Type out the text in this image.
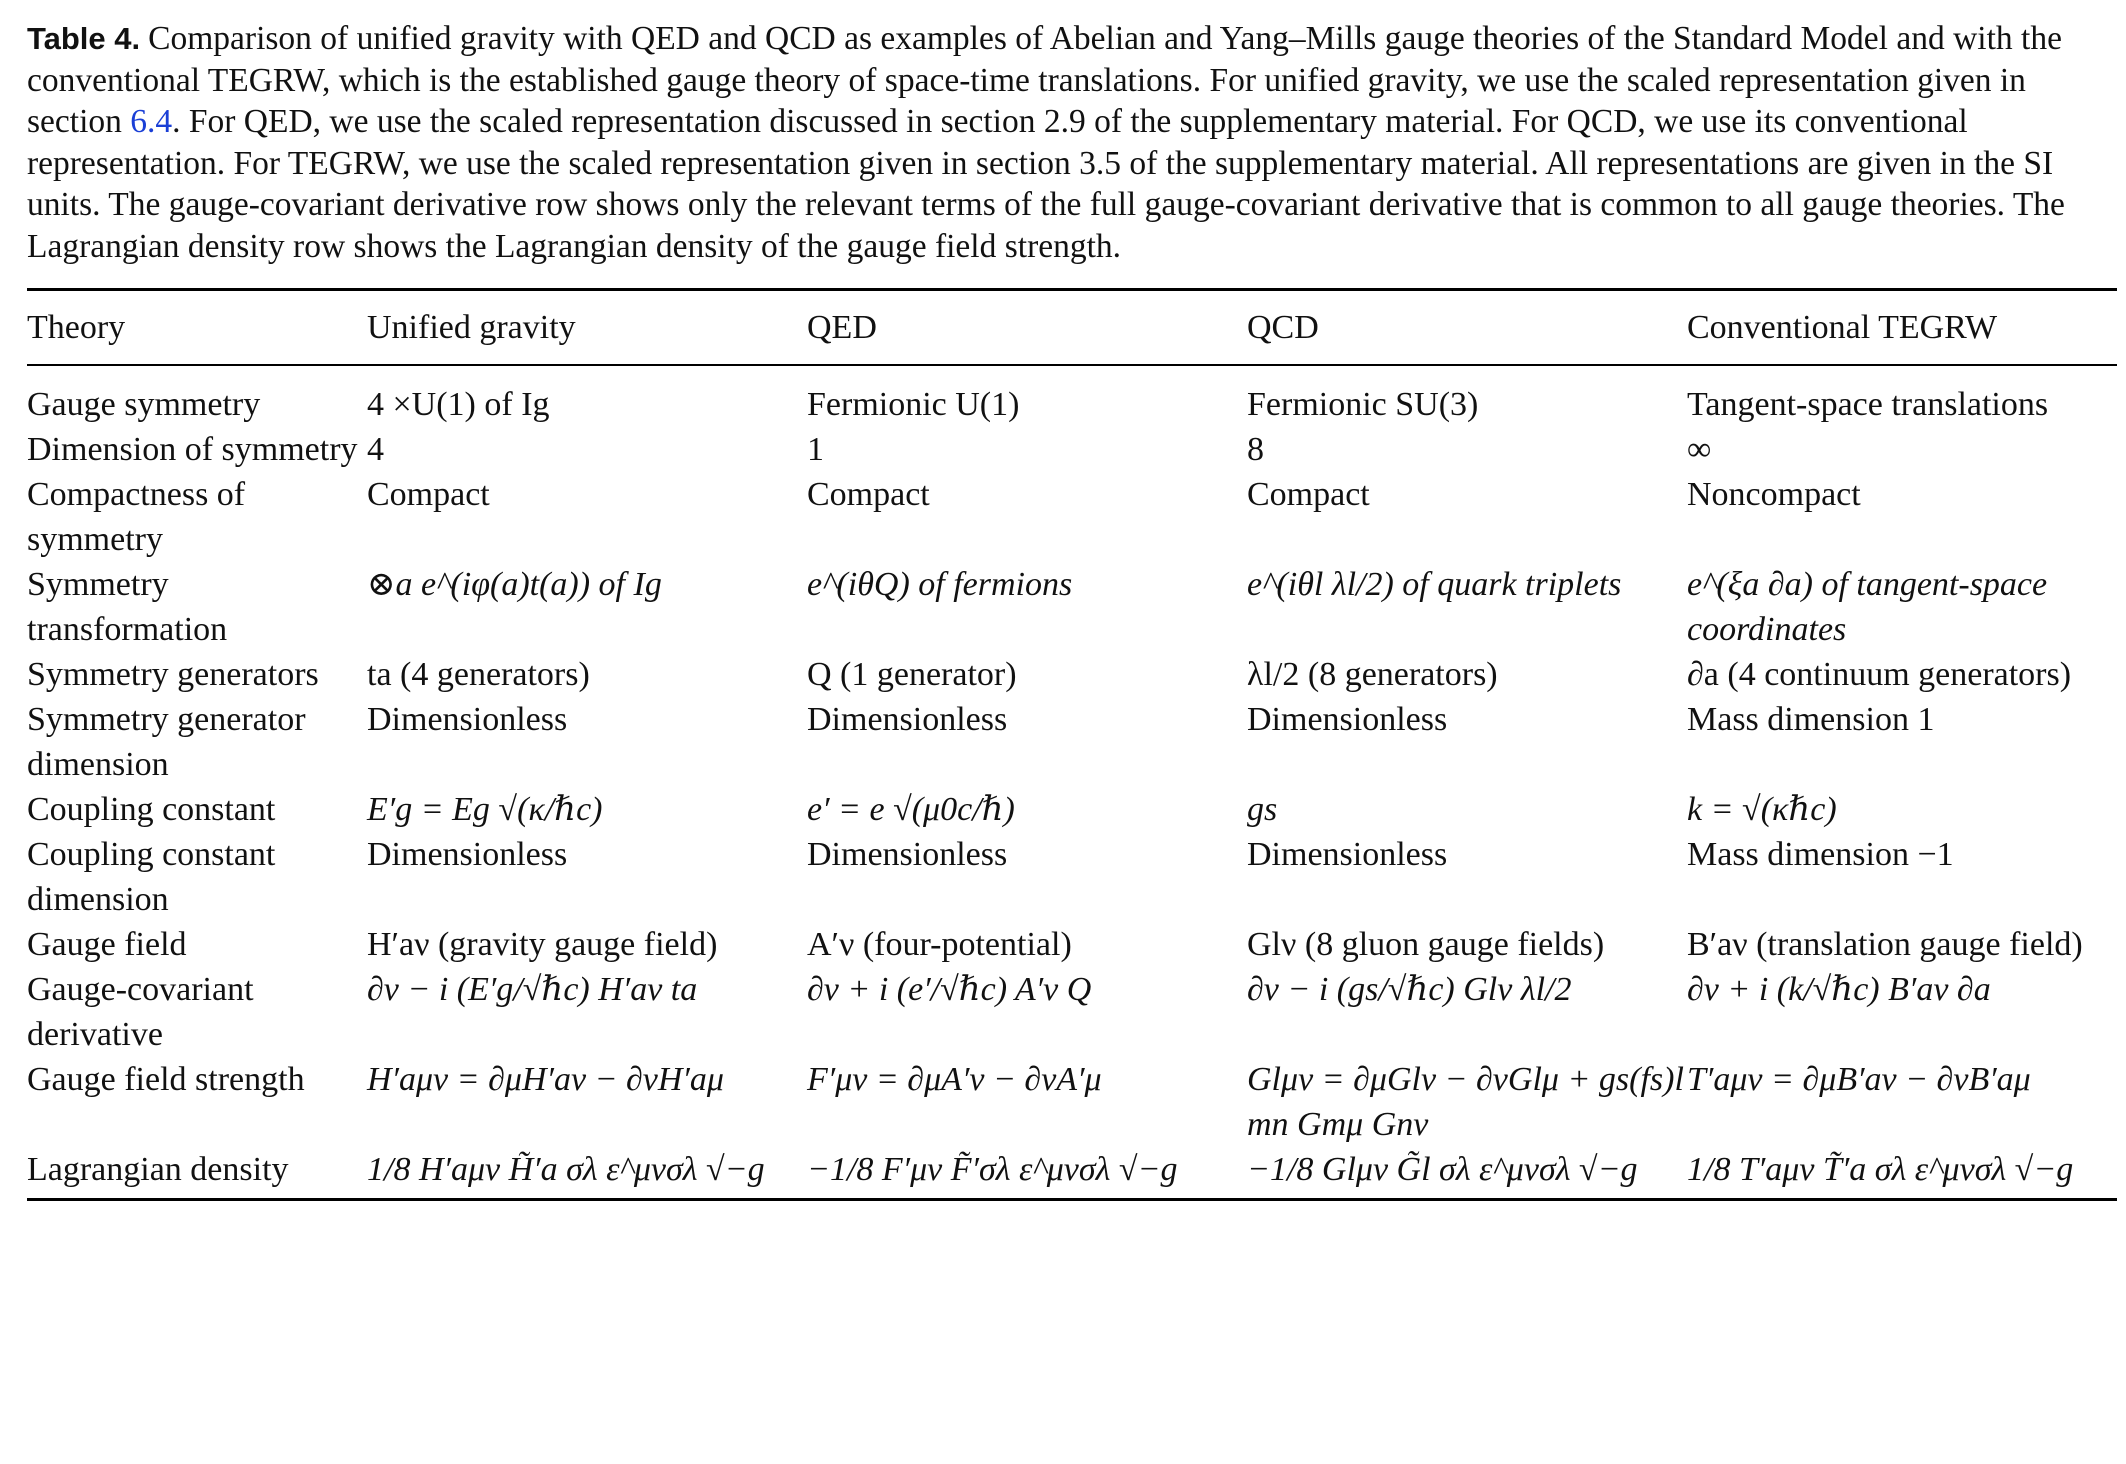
Table 4. Comparison of unified gravity with QED and QCD as examples of Abelian and Yang–Mills gauge theories of the Standard Model and with the conventional TEGRW, which is the established gauge theory of space-time translations. For unified gravity, we use the scaled representation given in section 6.4. For QED, we use the scaled representation discussed in section 2.9 of the supplementary material. For QCD, we use its conventional representation. For TEGRW, we use the scaled representation given in section 3.5 of the supplementary material. All representations are given in the SI units. The gauge-covariant derivative row shows only the relevant terms of the full gauge-covariant derivative that is common to all gauge theories. The Lagrangian density row shows the Lagrangian density of the gauge field strength.

Theory	Unified gravity	QED	QCD	Conventional TEGRW
Gauge symmetry	4 ×U(1) of Ig	Fermionic U(1)	Fermionic SU(3)	Tangent-space translations
Dimension of symmetry	4	1	8	∞
Compactness of symmetry	Compact	Compact	Compact	Noncompact
Symmetry transformation	⊗a e^(iφ(a)t(a)) of Ig	e^(iθQ) of fermions	e^(iθl λl/2) of quark triplets	e^(ξa ∂a) of tangent-space coordinates
Symmetry generators	ta (4 generators)	Q (1 generator)	λl/2 (8 generators)	∂a (4 continuum generators)
Symmetry generator dimension	Dimensionless	Dimensionless	Dimensionless	Mass dimension 1
Coupling constant	E′g = Eg √(κ/ℏc)	e′ = e √(μ0c/ℏ)	gs	k = √(κℏc)
Coupling constant dimension	Dimensionless	Dimensionless	Dimensionless	Mass dimension −1
Gauge field	H′aν (gravity gauge field)	A′ν (four-potential)	Glν (8 gluon gauge fields)	B′aν (translation gauge field)
Gauge-covariant derivative	∂ν − i (E′g/√ℏc) H′aν ta	∂ν + i (e′/√ℏc) A′ν Q	∂ν − i (gs/√ℏc) Glν λl/2	∂ν + i (k/√ℏc) B′aν ∂a
Gauge field strength	H′aμν = ∂μH′aν − ∂νH′aμ	F′μν = ∂μA′ν − ∂νA′μ	Glμν = ∂μGlν − ∂νGlμ + gs(fs)l mn Gmμ Gnν	T′aμν = ∂μB′aν − ∂νB′aμ
Lagrangian density	1/8 H′aμν H̃′a σλ ε^μνσλ √−g	−1/8 F′μν F̃′σλ ε^μνσλ √−g	−1/8 Glμν G̃l σλ ε^μνσλ √−g	1/8 T′aμν T̃′a σλ ε^μνσλ √−g
